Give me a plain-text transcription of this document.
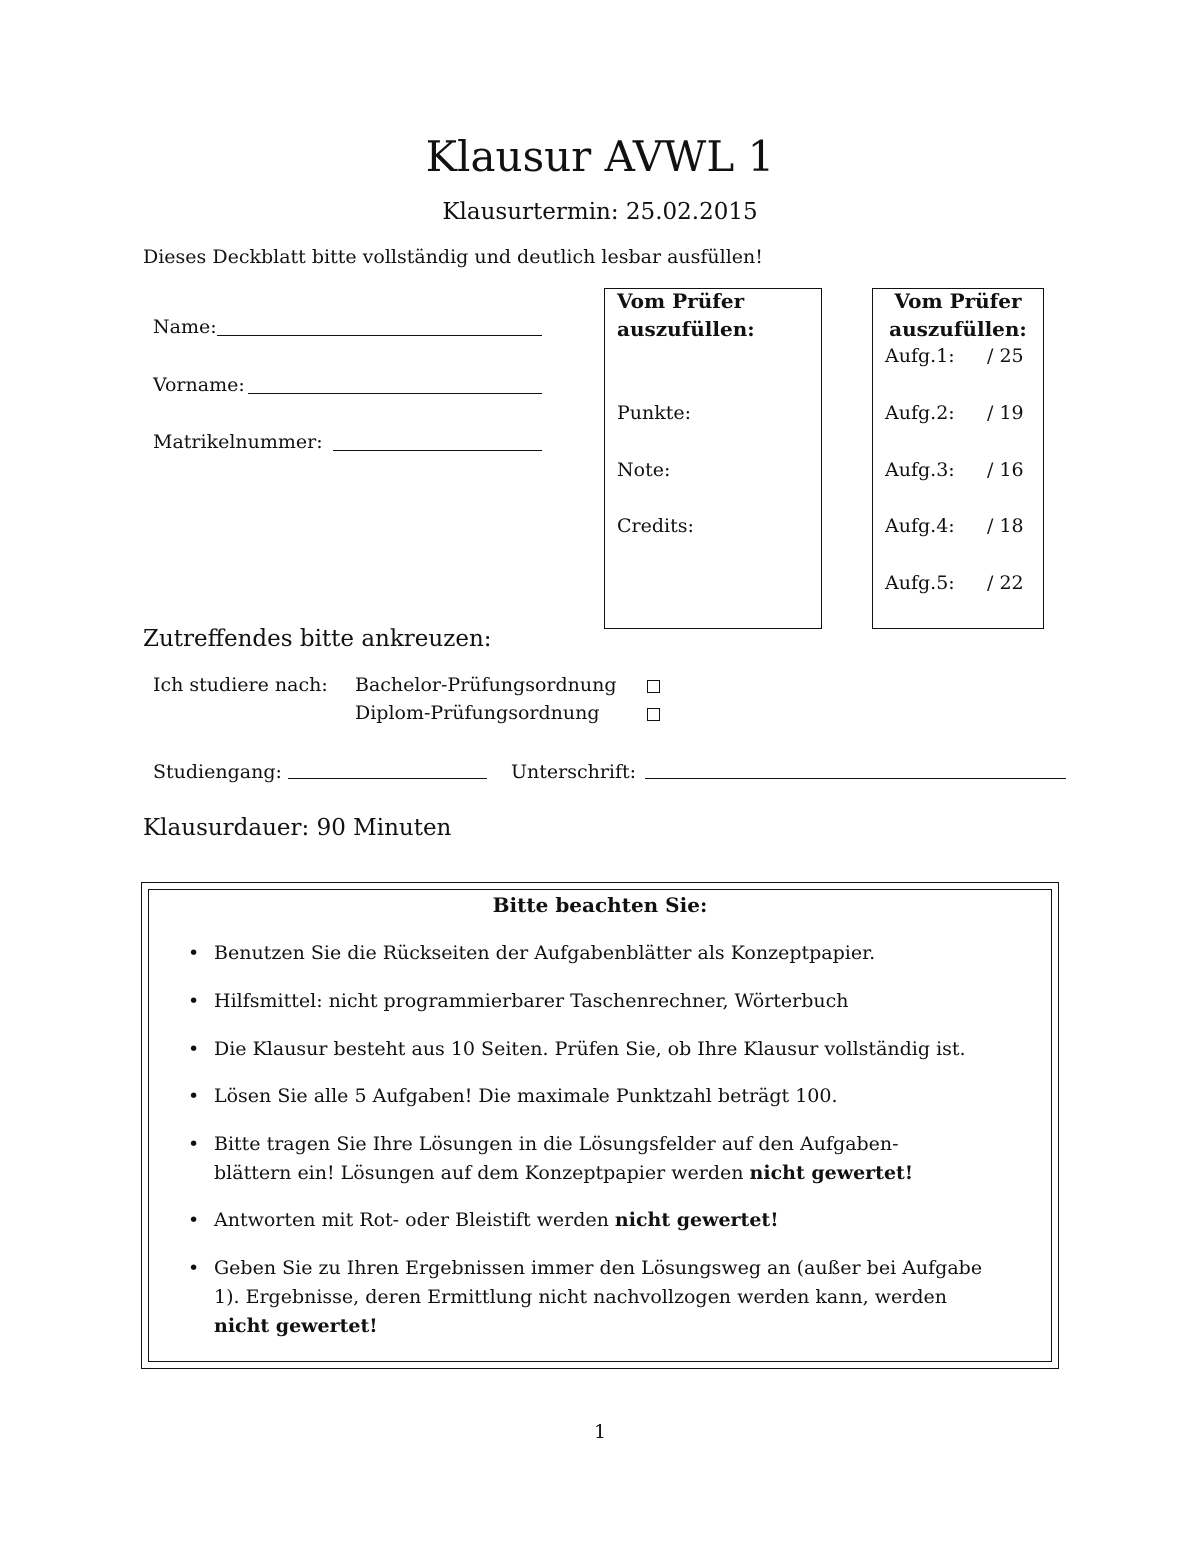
Klausur AVWL 1
Klausurtermin: 25.02.2015
Dieses Deckblatt bitte vollständig und deutlich lesbar ausfüllen!
Name:
Vorname:
Matrikelnummer:
Vom Prüfer
auszufüllen:
Punkte:
Note:
Credits:
Vom Prüfer
auszufüllen:
Aufg.1: / 25
Aufg.2: / 19
Aufg.3: / 16
Aufg.4: / 18
Aufg.5: / 22
Zutreffendes bitte ankreuzen:
Ich studiere nach: Bachelor-Prüfungsordnung
Diplom-Prüfungsordnung
Studiengang:	Unterschrift:
Klausurdauer: 90 Minuten
Bitte beachten Sie:
• Benutzen Sie die Rückseiten der Aufgabenblätter als Konzeptpapier.
• Hilfsmittel: nicht programmierbarer Taschenrechner, Wörterbuch
• Die Klausur besteht aus 10 Seiten. Prüfen Sie, ob Ihre Klausur vollständig ist.
• Lösen Sie alle 5 Aufgaben! Die maximale Punktzahl beträgt 100.
• Bitte tragen Sie Ihre Lösungen in die Lösungsfelder auf den Aufgaben-blättern ein! Lösungen auf dem Konzeptpapier werden nicht gewertet!
• Antworten mit Rot- oder Bleistift werden nicht gewertet!
• Geben Sie zu Ihren Ergebnissen immer den Lösungsweg an (außer bei Aufgabe 1). Ergebnisse, deren Ermittlung nicht nachvollzogen werden kann, werden nicht gewertet!
1
